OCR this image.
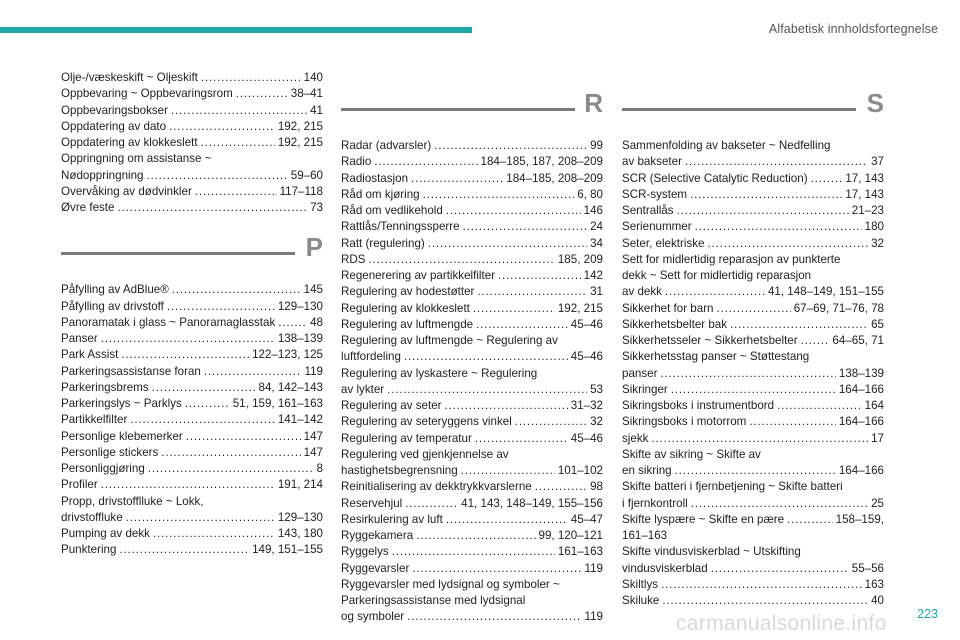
Alfabetisk innholdsfortegnelse
Olje-/væskeskift ~ Oljeskift . . .	140
Oppbevaring ~ Oppbevaringsrom . . .	38–41
Oppbevaringsbokser . . .	41
Oppdatering av dato . . .	192, 215
Oppdatering av klokkeslett . . .	192, 215
Oppringning om assistanse ~
Nødoppringning . . .	59–60
Overvåking av dødvinkler . . .	117–118
Øvre feste . . .	73
P
Påfylling av AdBlue® . . .	145
Påfylling av drivstoff . . .	129–130
Panoramatak i glass ~ Panoramaglasstak . . .	48
Panser . . .	138–139
Park Assist . . .	122–123, 125
Parkeringsassistanse foran . . .	119
Parkeringsbrems . . .	84, 142–143
Parkeringslys ~ Parklys . . .	51, 159, 161–163
Partikkelfilter . . .	141–142
Personlige klebemerker . . .	147
Personlige stickers . . .	147
Personliggjøring . . .	8
Profiler . . .	191, 214
Propp, drivstofflluke ~ Lokk,
drivstoffluke . . .	129–130
Pumping av dekk . . .	143, 180
Punktering . . .	149, 151–155
R
Radar (advarsler) . . .	99
Radio . . .	184–185, 187, 208–209
Radiostasjon . . .	184–185, 208–209
Råd om kjøring . . .	6, 80
Råd om vedlikehold . . .	146
Rattlås/Tenningssperre . . .	24
Ratt (regulering) . . .	34
RDS . . .	185, 209
Regenerering av partikkelfilter . . .	142
Regulering av hodestøtter . . .	31
Regulering av klokkeslett . . .	192, 215
Regulering av luftmengde . . .	45–46
Regulering av luftmengde ~ Regulering av
luftfordeling . . .	45–46
Regulering av lyskastere ~ Regulering
av lykter . . .	53
Regulering av seter . . .	31–32
Regulering av seteryggens vinkel . . .	32
Regulering av temperatur . . .	45–46
Regulering ved gjenkjennelse av
hastighetsbegrensning . . .	101–102
Reinitialisering av dekktrykkvarslerne . . .	98
Reservehjul . . .	41, 143, 148–149, 155–156
Resirkulering av luft . . .	45–47
Ryggekamera . . .	99, 120–121
Ryggelys . . .	161–163
Ryggevarsler . . .	119
Ryggevarsler med lydsignal og symboler ~
Parkeringsassistanse med lydsignal
og symboler . . .	119
S
Sammenfolding av bakseter ~ Nedfelling
av bakseter . . .	37
SCR (Selective Catalytic Reduction) . . .	17, 143
SCR-system . . .	17, 143
Sentrallås . . .	21–23
Serienummer . . .	180
Seter, elektriske . . .	32
Sett for midlertidig reparasjon av punkterte
dekk ~ Sett for midlertidig reparasjon
av dekk . . .	41, 148–149, 151–155
Sikkerhet for barn . . .	67–69, 71–76, 78
Sikkerhetsbelter bak . . .	65
Sikkerhetsseler ~ Sikkerhetsbelter . . .	64–65, 71
Sikkerhetsstag panser ~ Støttestang
panser . . .	138–139
Sikringer . . .	164–166
Sikringsboks i instrumentbord . . .	164
Sikringsboks i motorrom . . .	164–166
sjekk . . .	17
Skifte av sikring ~ Skifte av
en sikring . . .	164–166
Skifte batteri i fjernbetjening ~ Skifte batteri
i fjernkontroll . . .	25
Skifte lyspære ~ Skifte en pære . . .	158–159,
161–163
Skifte vindusviskerblad ~ Utskifting
vindusviskerblad . . .	55–56
Skiltlys . . .	163
Skiluke . . .	40
223
carmanualsonline.info
